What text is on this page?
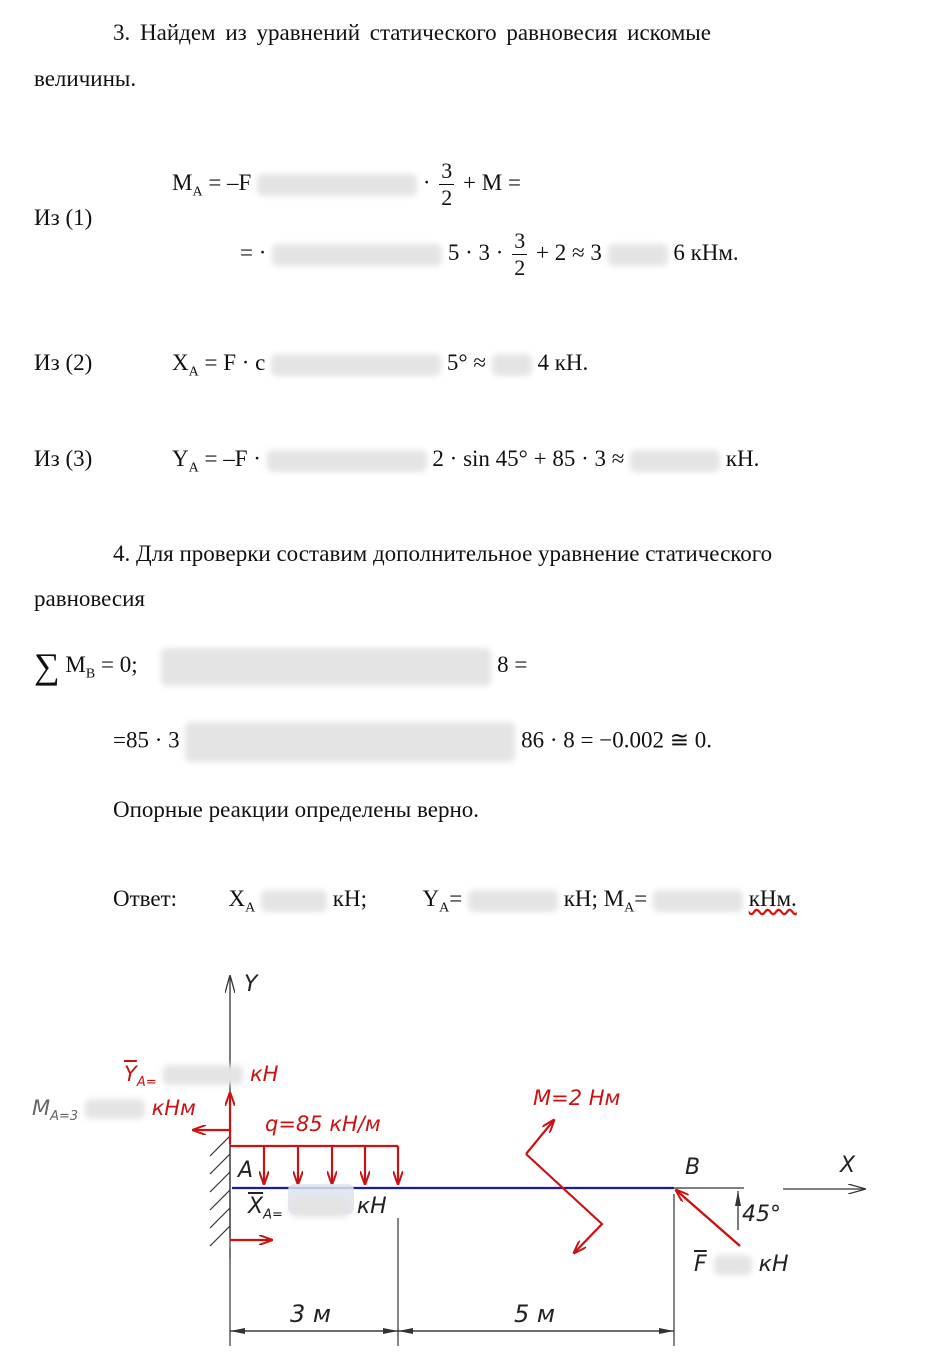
3. Найдем из уравнений статического равновесия искомые
величины.
Из (1)
$M_A = -F$	· $\frac{3}{2} + M$ =
= ·	$5 \cdot 3 \cdot \frac{3}{2} + 2 \approx 3$	6 кНм.
Из (2)	$X_A = F \cdot c$	5° ≈ 4 кН.
Из (3)	$Y_A = -F$ ·	2 · sin 45° + 85 · 3 ≈	кН.
4. Для проверки составим дополнительное уравнение статического
равновесия
∑ $M_B = 0$;	8 =
=85 · 3	86 · 8 = −0.002 ≅ 0.
Опорные реакции определены верно.
Ответ: $X_A$	кН; $Y_A=$	кН; $M_A=$	кНм.
Y
X
$\overline{Y}_{A=}$	кН
$M_{A=3}$	кНм
q=85 кН/м
M=2 Нм
A	B
$\overline{X}_{A=}$	кН	45°
$\overline{F}$ кН
3 м	5 м
